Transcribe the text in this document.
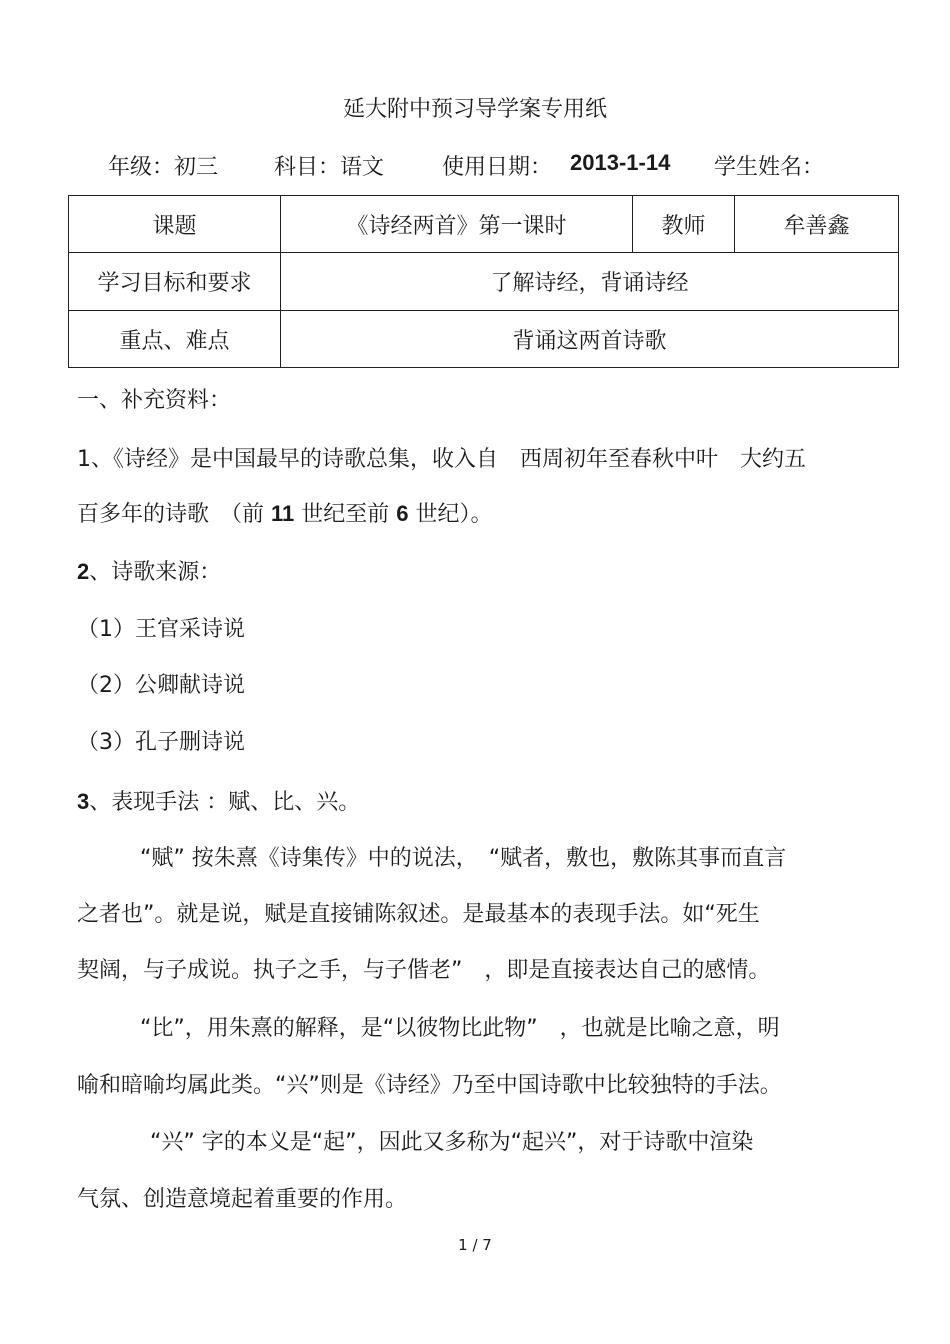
延大附中预习导学案专用纸
年级：初三	科目：语文	使用日期： 2013-1-14 学生姓名：
课题	《诗经两首》第一课时	教师	牟善鑫
学习目标和要求	了解诗经，背诵诗经		
重点、难点	背诵这两首诗歌		
一、补充资料：
1、《诗经》是中国最早的诗歌总集，收入自　西周初年至春秋中叶　大约五
百多年的诗歌　（前 11 世纪至前 6 世纪）。
2、诗歌来源：
（1）王官采诗说
（2）公卿献诗说
（3）孔子删诗说
3、表现手法 ：赋、比、兴。
“赋” 按朱熹《诗集传》中的说法，　“赋者，敷也，敷陈其事而直言
之者也”。就是说，赋是直接铺陈叙述。是最基本的表现手法。如“死生
契阔，与子成说。执子之手，与子偕老”　，即是直接表达自己的感情。
“比”，用朱熹的解释，是“以彼物比此物”　，也就是比喻之意，明
喻和暗喻均属此类。“兴”则是《诗经》乃至中国诗歌中比较独特的手法。
“兴” 字的本义是“起”，因此又多称为“起兴”，对于诗歌中渲染
气氛、创造意境起着重要的作用。
1 / 7
